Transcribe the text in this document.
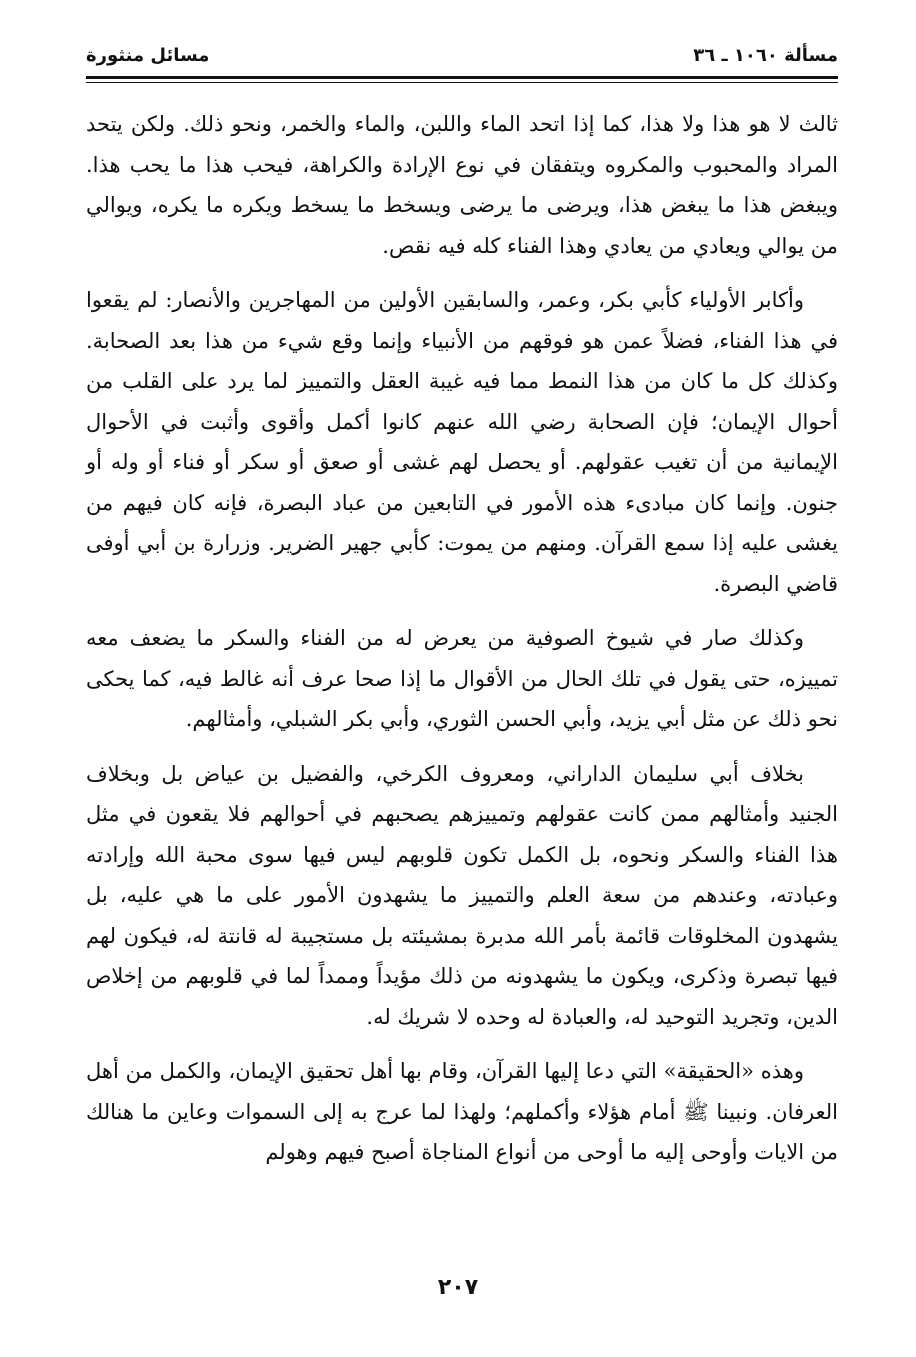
مسألة ١٠٦٠ ـ ٣٦
مسائل منثورة

ثالث لا هو هذا ولا هذا، كما إذا اتحد الماء واللبن، والماء والخمر، ونحو ذلك. ولكن يتحد المراد والمحبوب والمكروه ويتفقان في نوع الإرادة والكراهة، فيحب هذا ما يحب هذا. ويبغض هذا ما يبغض هذا، ويرضى ما يرضى ويسخط ما يسخط ويكره ما يكره، ويوالي من يوالي ويعادي من يعادي وهذا الفناء كله فيه نقص.

وأكابر الأولياء كأبي بكر، وعمر، والسابقين الأولين من المهاجرين والأنصار: لم يقعوا في هذا الفناء، فضلاً عمن هو فوقهم من الأنبياء وإنما وقع شيء من هذا بعد الصحابة. وكذلك كل ما كان من هذا النمط مما فيه غيبة العقل والتمييز لما يرد على القلب من أحوال الإيمان؛ فإن الصحابة رضي الله عنهم كانوا أكمل وأقوى وأثبت في الأحوال الإيمانية من أن تغيب عقولهم. أو يحصل لهم غشى أو صعق أو سكر أو فناء أو وله أو جنون. وإنما كان مبادىء هذه الأمور في التابعين من عباد البصرة، فإنه كان فيهم من يغشى عليه إذا سمع القرآن. ومنهم من يموت: كأبي جهير الضرير. وزرارة بن أبي أوفى قاضي البصرة.

وكذلك صار في شيوخ الصوفية من يعرض له من الفناء والسكر ما يضعف معه تمييزه، حتى يقول في تلك الحال من الأقوال ما إذا صحا عرف أنه غالط فيه، كما يحكى نحو ذلك عن مثل أبي يزيد، وأبي الحسن الثوري، وأبي بكر الشبلي، وأمثالهم.

بخلاف أبي سليمان الداراني، ومعروف الكرخي، والفضيل بن عياض بل وبخلاف الجنيد وأمثالهم ممن كانت عقولهم وتمييزهم يصحبهم في أحوالهم فلا يقعون في مثل هذا الفناء والسكر ونحوه، بل الكمل تكون قلوبهم ليس فيها سوى محبة الله وإرادته وعبادته، وعندهم من سعة العلم والتمييز ما يشهدون الأمور على ما هي عليه، بل يشهدون المخلوقات قائمة بأمر الله مدبرة بمشيئته بل مستجيبة له قانتة له، فيكون لهم فيها تبصرة وذكرى، ويكون ما يشهدونه من ذلك مؤيداً وممداً لما في قلوبهم من إخلاص الدين، وتجريد التوحيد له، والعبادة له وحده لا شريك له.

وهذه «الحقيقة» التي دعا إليها القرآن، وقام بها أهل تحقيق الإيمان، والكمل من أهل العرفان. ونبينا ﷺ أمام هؤلاء وأكملهم؛ ولهذا لما عرج به إلى السموات وعاين ما هنالك من الايات وأوحى إليه ما أوحى من أنواع المناجاة أصبح فيهم وهولم

٢٠٧
